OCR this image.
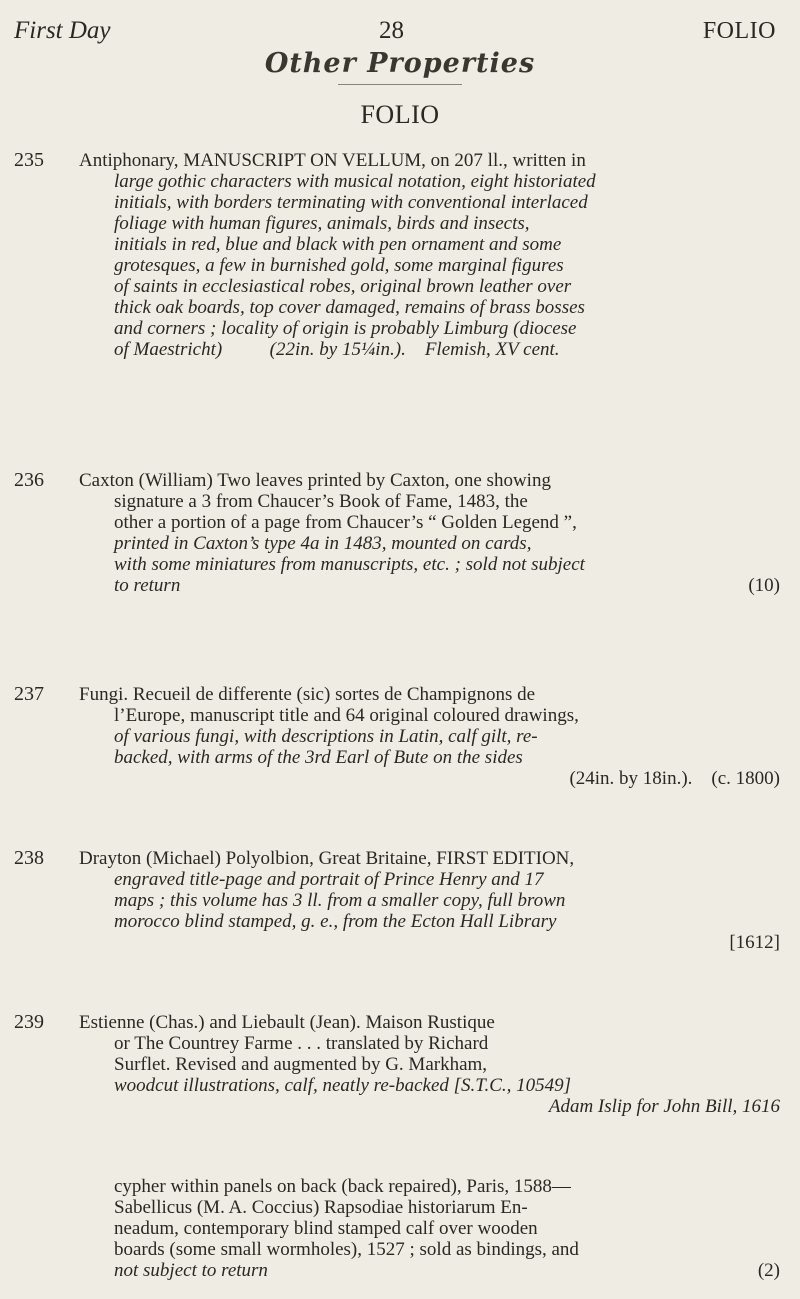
First Day	28	FOLIO
Other Properties
FOLIO
235 Antiphonary, MANUSCRIPT ON VELLUM, on 207 ll., written in
large gothic characters with musical notation, eight historiated
initials, with borders terminating with conventional interlaced
foliage with human figures, animals, birds and insects,
initials in red, blue and black with pen ornament and some
grotesques, a few in burnished gold, some marginal figures
of saints in ecclesiastical robes, original brown leather over
thick oak boards, top cover damaged, remains of brass bosses
and corners ; locality of origin is probably Limburg (diocese
of Maestricht)          (22in. by 15¼in.).    Flemish, XV cent.
236 Caxton (William) Two leaves printed by Caxton, one showing
signature a 3 from Chaucer’s Book of Fame, 1483, the
other a portion of a page from Chaucer’s “ Golden Legend ”,
printed in Caxton’s type 4a in 1483, mounted on cards,
with some miniatures from manuscripts, etc. ; sold not subject
to return	(10)
237 Fungi. Recueil de differente (sic) sortes de Champignons de
l’Europe, manuscript title and 64 original coloured drawings,
of various fungi, with descriptions in Latin, calf gilt, re-
backed, with arms of the 3rd Earl of Bute on the sides
(24in. by 18in.).    (c. 1800)
238 Drayton (Michael) Polyolbion, Great Britaine, FIRST EDITION,
engraved title-page and portrait of Prince Henry and 17
maps ; this volume has 3 ll. from a smaller copy, full brown
morocco blind stamped, g. e., from the Ecton Hall Library
[1612]
239 Estienne (Chas.) and Liebault (Jean). Maison Rustique
or The Countrey Farme . . . translated by Richard
Surflet. Revised and augmented by G. Markham,
woodcut illustrations, calf, neatly re-backed [S.T.C., 10549]
Adam Islip for John Bill, 1616
cypher within panels on back (back repaired), Paris, 1588—
Sabellicus (M. A. Coccius) Rapsodiae historiarum En-
neadum, contemporary blind stamped calf over wooden
boards (some small wormholes), 1527 ; sold as bindings, and
not subject to return	(2)
